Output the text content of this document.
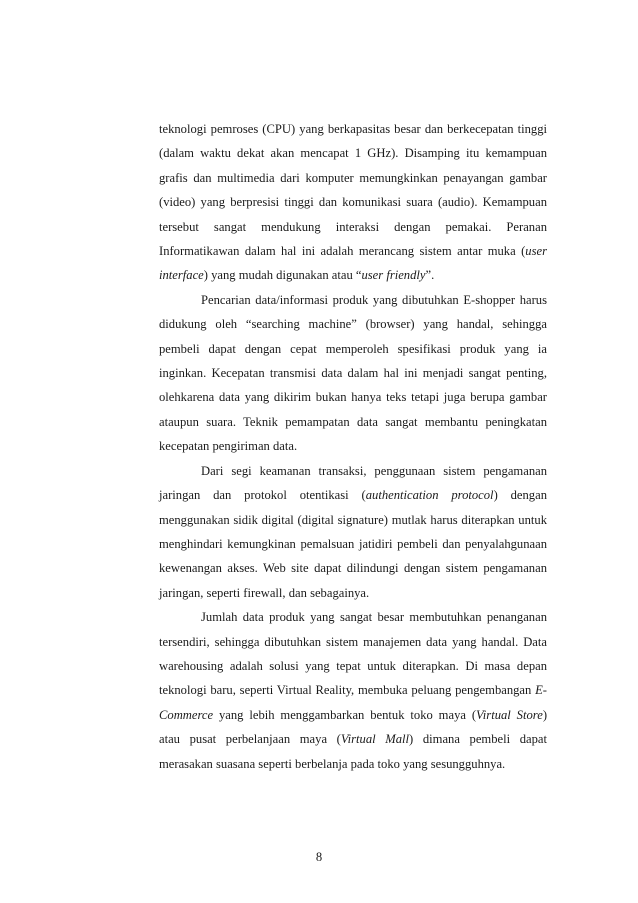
teknologi pemroses (CPU) yang berkapasitas besar dan berkecepatan tinggi (dalam waktu dekat akan mencapat 1 GHz). Disamping itu kemampuan grafis dan multimedia dari komputer memungkinkan penayangan gambar (video) yang berpresisi tinggi dan komunikasi suara (audio). Kemampuan tersebut sangat mendukung interaksi dengan pemakai. Peranan Informatikawan dalam hal ini adalah merancang sistem antar muka (user interface) yang mudah digunakan atau “user friendly”.

Pencarian data/informasi produk yang dibutuhkan E-shopper harus didukung oleh “searching machine” (browser) yang handal, sehingga pembeli dapat dengan cepat memperoleh spesifikasi produk yang ia inginkan. Kecepatan transmisi data dalam hal ini menjadi sangat penting, olehkarena data yang dikirim bukan hanya teks tetapi juga berupa gambar ataupun suara. Teknik pemampatan data sangat membantu peningkatan kecepatan pengiriman data.

Dari segi keamanan transaksi, penggunaan sistem pengamanan jaringan dan protokol otentikasi (authentication protocol) dengan menggunakan sidik digital (digital signature) mutlak harus diterapkan untuk menghindari kemungkinan pemalsuan jatidiri pembeli dan penyalahgunaan kewenangan akses. Web site dapat dilindungi dengan sistem pengamanan jaringan, seperti firewall, dan sebagainya.

Jumlah data produk yang sangat besar membutuhkan penanganan tersendiri, sehingga dibutuhkan sistem manajemen data yang handal. Data warehousing adalah solusi yang tepat untuk diterapkan. Di masa depan teknologi baru, seperti Virtual Reality, membuka peluang pengembangan E-Commerce yang lebih menggambarkan bentuk toko maya (Virtual Store) atau pusat perbelanjaan maya (Virtual Mall) dimana pembeli dapat merasakan suasana seperti berbelanja pada toko yang sesungguhnya.

8
